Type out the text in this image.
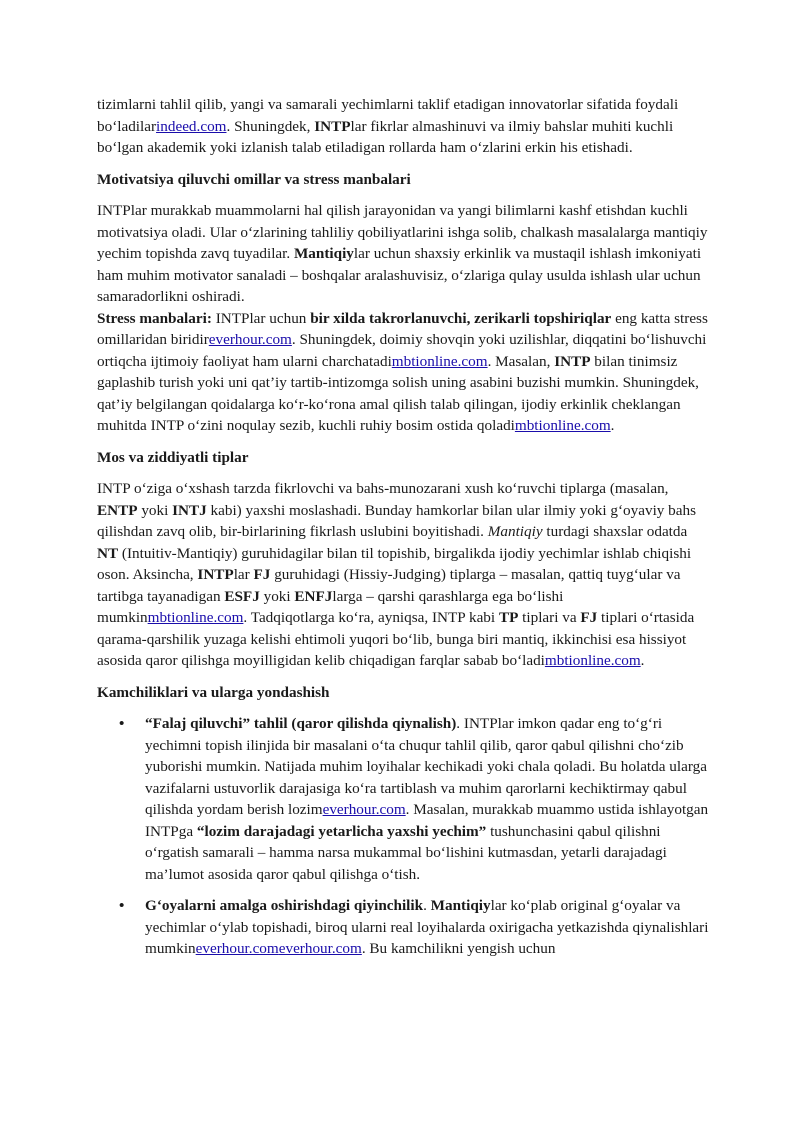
tizimlarni tahlil qilib, yangi va samarali yechimlarni taklif etadigan innovatorlar sifatida foydali bo‘ladilarindeed.com. Shuningdek, INTPlar fikrlar almashinuvi va ilmiy bahslar muhiti kuchli bo‘lgan akademik yoki izlanish talab etiladigan rollarda ham o‘zlarini erkin his etishadi.

Motivatsiya qiluvchi omillar va stress manbalari

INTPlar murakkab muammolarni hal qilish jarayonidan va yangi bilimlarni kashf etishdan kuchli motivatsiya oladi. Ular o‘zlarining tahliliy qobiliyatlarini ishga solib, chalkash masalalarga mantiqiy yechim topishda zavq tuyadilar. Mantiqiylar uchun shaxsiy erkinlik va mustaqil ishlash imkoniyati ham muhim motivator sanaladi – boshqalar aralashuvisiz, o‘zlariga qulay usulda ishlash ular uchun samaradorlikni oshiradi.

Stress manbalari: INTPlar uchun bir xilda takrorlanuvchi, zerikarli topshiriqlar eng katta stress omillaridan biridireverhour.com. Shuningdek, doimiy shovqin yoki uzilishlar, diqqatini bo‘lishuvchi ortiqcha ijtimoiy faoliyat ham ularni charchatadimbtionline.com. Masalan, INTP bilan tinimsiz gaplashib turish yoki uni qat’iy tartib-intizomga solish uning asabini buzishi mumkin. Shuningdek, qat’iy belgilangan qoidalarga ko‘r-ko‘rona amal qilish talab qilingan, ijodiy erkinlik cheklangan muhitda INTP o‘zini noqulay sezib, kuchli ruhiy bosim ostida qoladimbtionline.com.

Mos va ziddiyatli tiplar

INTP o‘ziga o‘xshash tarzda fikrlovchi va bahs-munozarani xush ko‘ruvchi tiplarga (masalan, ENTP yoki INTJ kabi) yaxshi moslashadi. Bunday hamkorlar bilan ular ilmiy yoki g‘oyaviy bahs qilishdan zavq olib, bir-birlarining fikrlash uslubini boyitishadi. Mantiqiy turdagi shaxslar odatda NT (Intuitiv-Mantiqiy) guruhidagilar bilan til topishib, birgalikda ijodiy yechimlar ishlab chiqishi oson. Aksincha, INTPlar FJ guruhidagi (Hissiy-Judging) tiplarga – masalan, qattiq tuyg‘ular va tartibga tayanadigan ESFJ yoki ENFJlarga – qarshi qarashlarga ega bo‘lishi mumkinmbtionline.com. Tadqiqotlarga ko‘ra, ayniqsa, INTP kabi TP tiplari va FJ tiplari o‘rtasida qarama-qarshilik yuzaga kelishi ehtimoli yuqori bo‘lib, bunga biri mantiq, ikkinchisi esa hissiyot asosida qaror qilishga moyilligidan kelib chiqadigan farqlar sabab bo‘ladimbtionline.com.

Kamchiliklari va ularga yondashish
• “Falaj qiluvchi” tahlil (qaror qilishda qiynalish). INTPlar imkon qadar eng to‘g‘ri yechimni topish ilinjida bir masalani o‘ta chuqur tahlil qilib, qaror qabul qilishni cho‘zib yuborishi mumkin. Natijada muhim loyihalar kechikadi yoki chala qoladi. Bu holatda ularga vazifalarni ustuvorlik darajasiga ko‘ra tartiblash va muhim qarorlarni kechiktirmay qabul qilishda yordam berish lozimeverhour.com. Masalan, murakkab muammo ustida ishlayotgan INTPga “lozim darajadagi yetarlicha yaxshi yechim” tushunchasini qabul qilishni o‘rgatish samarali – hamma narsa mukammal bo‘lishini kutmasdan, yetarli darajadagi ma’lumot asosida qaror qabul qilishga o‘tish.
• G‘oyalarni amalga oshirishdagi qiyinchilik. Mantiqiylar ko‘plab original g‘oyalar va yechimlar o‘ylab topishadi, biroq ularni real loyihalarda oxirigacha yetkazishda qiynalishlari mumkineverhour.comeverhour.com. Bu kamchilikni yengish uchun
